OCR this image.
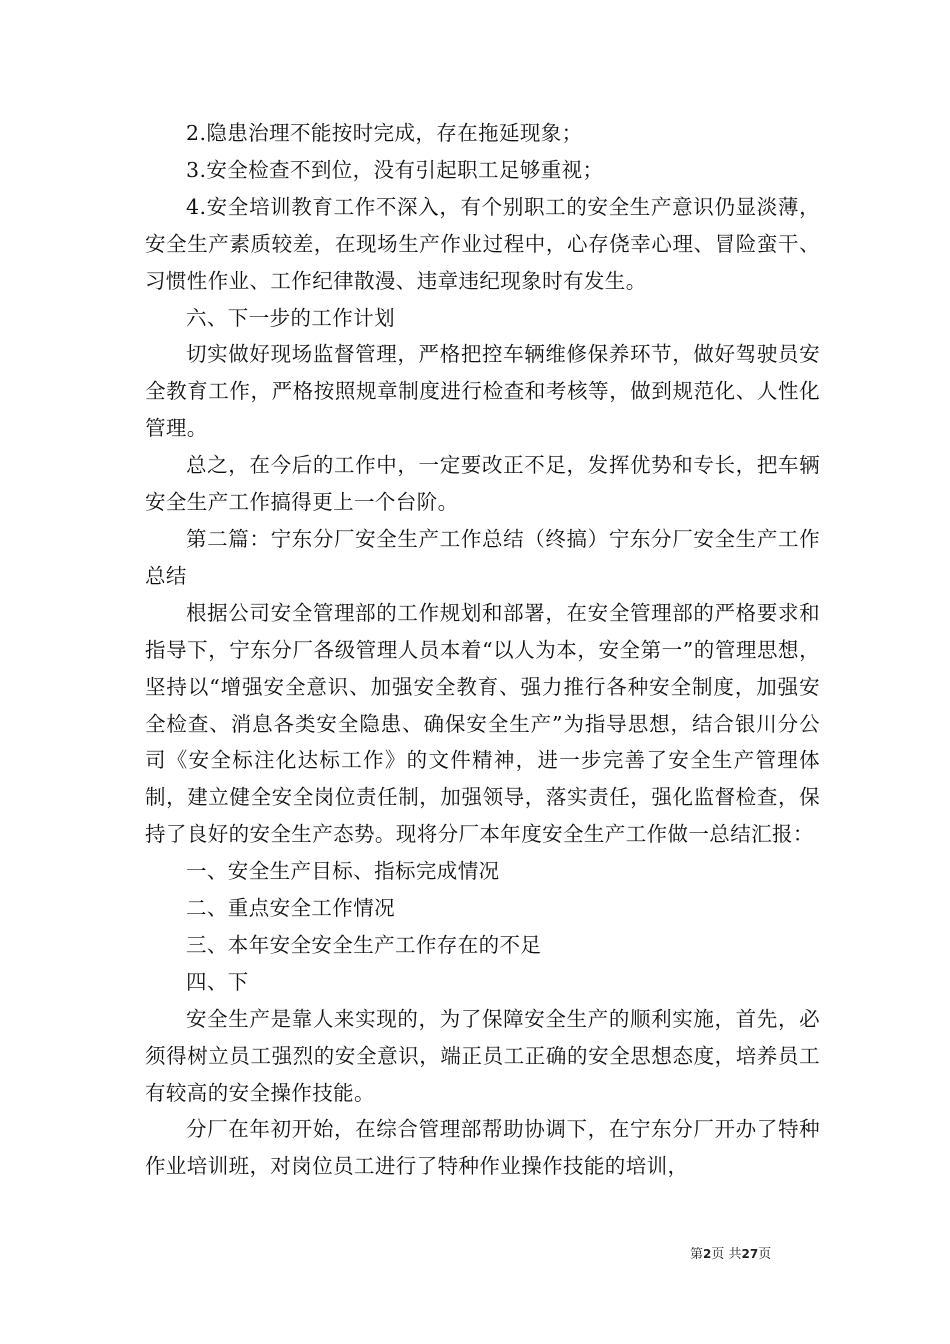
2.隐患治理不能按时完成，存在拖延现象；

3.安全检查不到位，没有引起职工足够重视；

4.安全培训教育工作不深入，有个别职工的安全生产意识仍显淡薄，安全生产素质较差，在现场生产作业过程中，心存侥幸心理、冒险蛮干、习惯性作业、工作纪律散漫、违章违纪现象时有发生。

六、下一步的工作计划

切实做好现场监督管理，严格把控车辆维修保养环节，做好驾驶员安全教育工作，严格按照规章制度进行检查和考核等，做到规范化、人性化管理。

总之，在今后的工作中，一定要改正不足，发挥优势和专长，把车辆安全生产工作搞得更上一个台阶。

第二篇：宁东分厂安全生产工作总结（终搞）宁东分厂安全生产工作总结

根据公司安全管理部的工作规划和部署，在安全管理部的严格要求和指导下，宁东分厂各级管理人员本着“以人为本，安全第一”的管理思想，坚持以“增强安全意识、加强安全教育、强力推行各种安全制度，加强安全检查、消息各类安全隐患、确保安全生产”为指导思想，结合银川分公司《安全标注化达标工作》的文件精神，进一步完善了安全生产管理体制，建立健全安全岗位责任制，加强领导，落实责任，强化监督检查，保持了良好的安全生产态势。现将分厂本年度安全生产工作做一总结汇报：

一、安全生产目标、指标完成情况

二、重点安全工作情况

三、本年安全安全生产工作存在的不足

四、下

安全生产是靠人来实现的，为了保障安全生产的顺利实施，首先，必须得树立员工强烈的安全意识，端正员工正确的安全思想态度，培养员工有较高的安全操作技能。

分厂在年初开始，在综合管理部帮助协调下，在宁东分厂开办了特种作业培训班，对岗位员工进行了特种作业操作技能的培训，

第2页 共27页
